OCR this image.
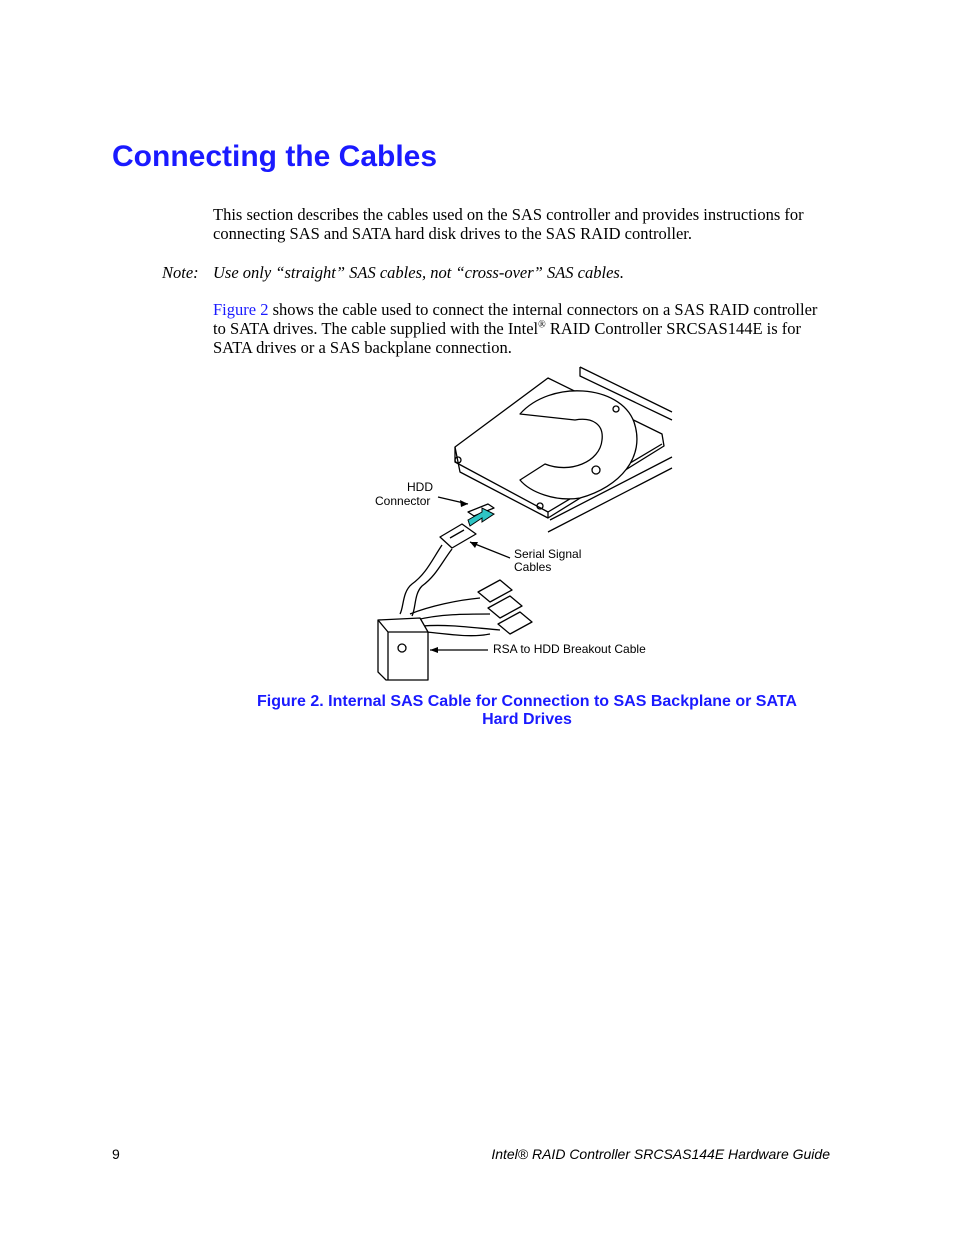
Connecting the Cables

This section describes the cables used on the SAS controller and provides instructions for connecting SAS and SATA hard disk drives to the SAS RAID controller.

Note: Use only “straight” SAS cables, not “cross-over” SAS cables.

Figure 2 shows the cable used to connect the internal connectors on a SAS RAID controller to SATA drives. The cable supplied with the Intel® RAID Controller SRCSAS144E is for SATA drives or a SAS backplane connection.

HDD
Connector
Serial Signal
Cables
RSA to HDD Breakout Cable
Figure 2. Internal SAS Cable for Connection to SAS Backplane or SATA
Hard Drives
9	Intel® RAID Controller SRCSAS144E Hardware Guide
